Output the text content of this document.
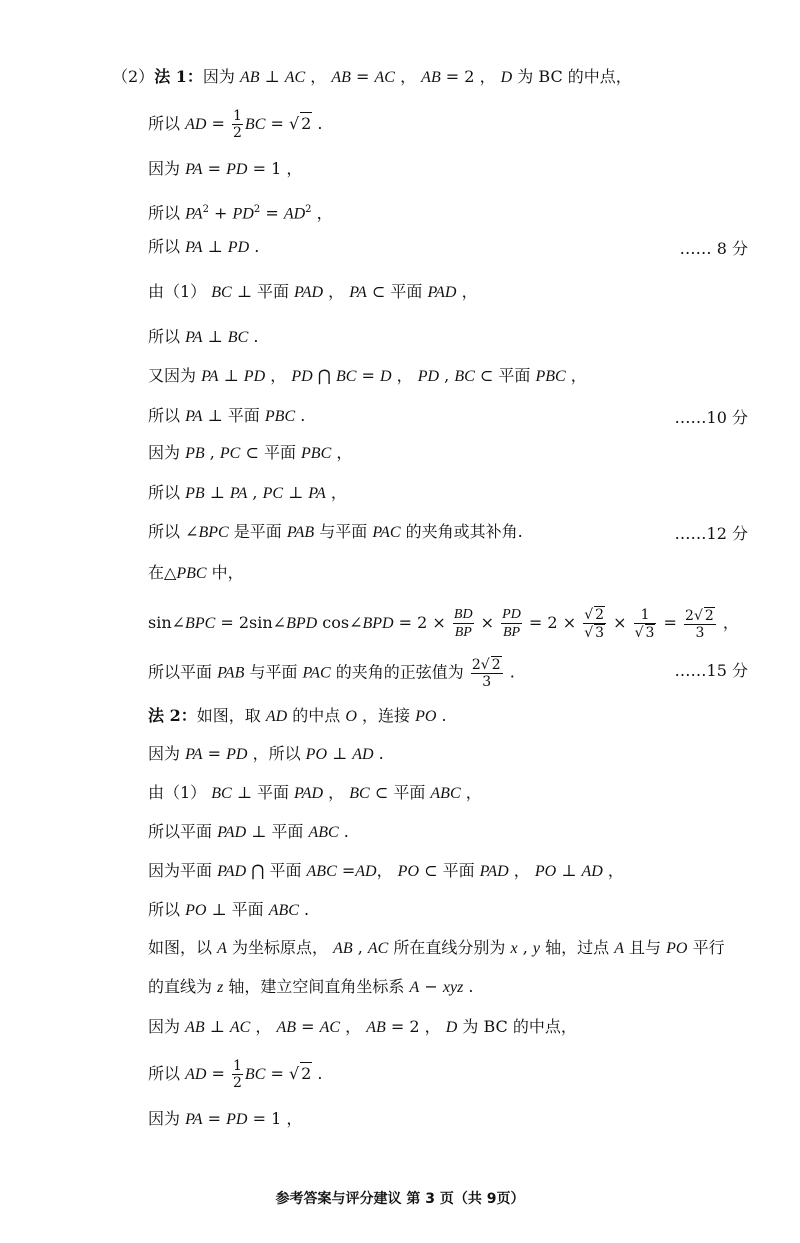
（2）法 1：因为 AB ⊥ AC ， AB = AC ， AB = 2 ， D 为 BC 的中点，
所以 AD = $\frac{1}{2}$ BC = √ 2 .
因为 PA = PD = 1 ，
所以 $PA^2 + PD^2 = AD^2$ ，
所以 PA ⊥ PD .	…… 8 分
由（1） BC ⊥ 平面 PAD ， PA ⊂ 平面 PAD ，
所以 PA ⊥ BC .
又因为 PA ⊥ PD ， PD ⋂ BC = D ， PD , BC ⊂ 平面 PBC ，
所以 PA ⊥ 平面 PBC .	……10 分
因为 PB , PC ⊂ 平面 PBC ，
所以 PB ⊥ PA , PC ⊥ PA ，
所以 ∠BPC 是平面 PAB 与平面 PAC 的夹角或其补角.	……12 分
在△PBC 中，
sin∠BPC = 2sin∠BPD cos∠BPD = $2 \times \frac{BD}{BP} \times \frac{PD}{BP} = 2 \times \frac{√ 2}{√ 3} \times \frac{1}{√ 3} = \frac{2√ 2}{3}$ ，
所以平面 PAB 与平面 PAC 的夹角的正弦值为 $\frac{2√ 2}{3}$ .	……15 分
法 2：如图，取 AD 的中点 O ，连接 PO .
因为 PA = PD ，所以 PO ⊥ AD .
由（1） BC ⊥ 平面 PAD ， BC ⊂ 平面 ABC ，
所以平面 PAD ⊥ 平面 ABC .
因为平面 PAD ⋂ 平面 ABC =AD， PO ⊂ 平面 PAD ， PO ⊥ AD ，
所以 PO ⊥ 平面 ABC .
如图，以 A 为坐标原点， AB , AC 所在直线分别为 x , y 轴，过点 A 且与 PO 平行
的直线为 z 轴，建立空间直角坐标系 A − xyz .
因为 AB ⊥ AC ， AB = AC ， AB = 2 ， D 为 BC 的中点，
所以 AD = $\frac{1}{2}$ BC = √ 2 .
因为 PA = PD = 1 ，
参考答案与评分建议 第 3 页（共 9页）
